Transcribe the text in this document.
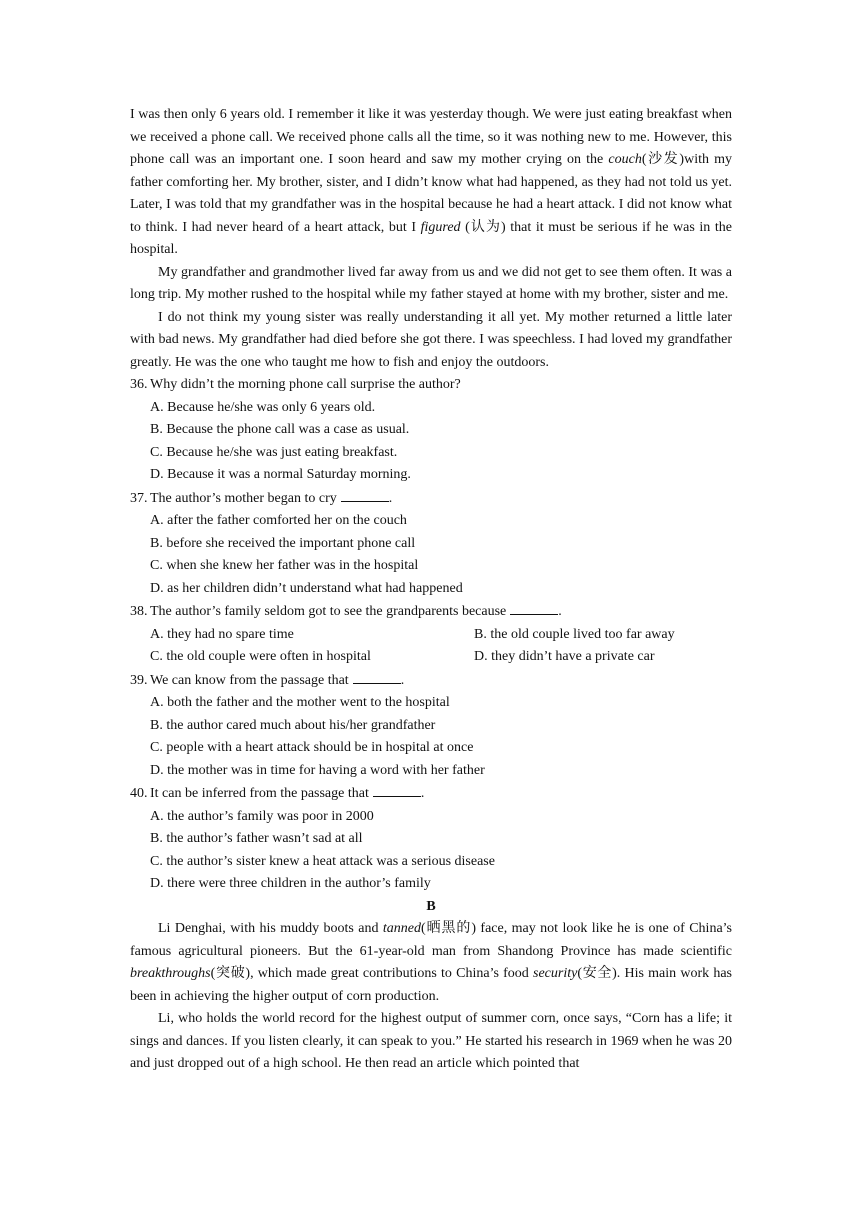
I was then only 6 years old. I remember it like it was yesterday though. We were just eating breakfast when we received a phone call. We received phone calls all the time, so it was nothing new to me. However, this phone call was an important one. I soon heard and saw my mother crying on the couch(沙发)with my father comforting her. My brother, sister, and I didn’t know what had happened, as they had not told us yet. Later, I was told that my grandfather was in the hospital because he had a heart attack. I did not know what to think. I had never heard of a heart attack, but I figured (认为) that it must be serious if he was in the hospital.

My grandfather and grandmother lived far away from us and we did not get to see them often. It was a long trip. My mother rushed to the hospital while my father stayed at home with my brother, sister and me.

I do not think my young sister was really understanding it all yet. My mother returned a little later with bad news. My grandfather had died before she got there. I was speechless. I had loved my grandfather greatly. He was the one who taught me how to fish and enjoy the outdoors.

36. Why didn’t the morning phone call surprise the author?

A. Because he/she was only 6 years old.

B. Because the phone call was a case as usual.

C. Because he/she was just eating breakfast.

D. Because it was a normal Saturday morning.

37. The author’s mother began to cry	.

A. after the father comforted her on the couch

B. before she received the important phone call

C. when she knew her father was in the hospital

D. as her children didn’t understand what had happened

38. The author’s family seldom got to see the grandparents because	.

A. they had no spare time	B. the old couple lived too far away
C. the old couple were often in hospital	D. they didn’t have a private car

39. We can know from the passage that	.

A. both the father and the mother went to the hospital

B. the author cared much about his/her grandfather

C. people with a heart attack should be in hospital at once

D. the mother was in time for having a word with her father

40. It can be inferred from the passage that	.

A. the author’s family was poor in 2000

B. the author’s father wasn’t sad at all

C. the author’s sister knew a heat attack was a serious disease

D. there were three children in the author’s family

B

Li Denghai, with his muddy boots and tanned(晒黑的) face, may not look like he is one of China’s famous agricultural pioneers. But the 61-year-old man from Shandong Province has made scientific breakthroughs(突破), which made great contributions to China’s food security(安全). His main work has been in achieving the higher output of corn production.

Li, who holds the world record for the highest output of summer corn, once says, “Corn has a life; it sings and dances. If you listen clearly, it can speak to you.” He started his research in 1969 when he was 20 and just dropped out of a high school. He then read an article which pointed that
